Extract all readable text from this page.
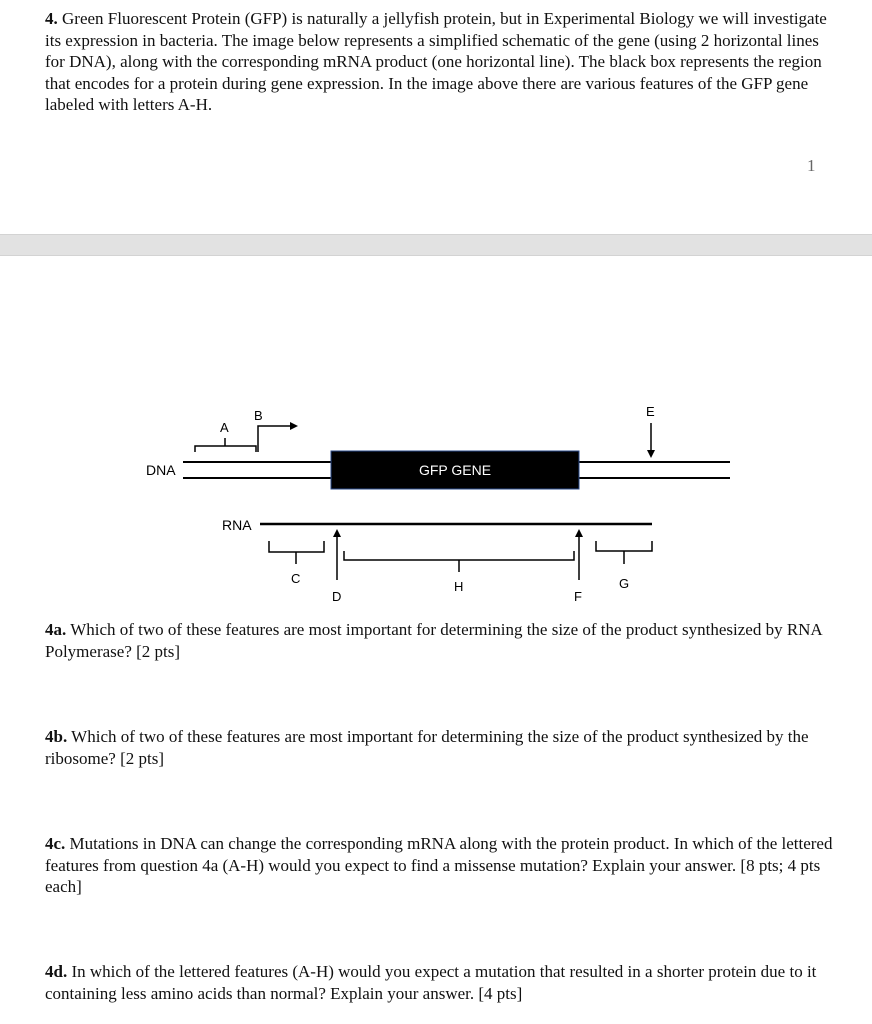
4. Green Fluorescent Protein (GFP) is naturally a jellyfish protein, but in Experimental Biology we will investigate its expression in bacteria. The image below represents a simplified schematic of the gene (using 2 horizontal lines for DNA), along with the corresponding mRNA product (one horizontal line). The black box represents the region that encodes for a protein during gene expression. In the image above there are various features of the GFP gene labeled with letters A-H.

1
GFP GENE
DNA
RNA
A
B	E
C
D
H
F
G

4a. Which of two of these features are most important for determining the size of the product synthesized by RNA Polymerase? [2 pts]

4b. Which of two of these features are most important for determining the size of the product synthesized by the ribosome? [2 pts]

4c. Mutations in DNA can change the corresponding mRNA along with the protein product. In which of the lettered features from question 4a (A-H) would you expect to find a missense mutation? Explain your answer. [8 pts; 4 pts each]

4d. In which of the lettered features (A-H) would you expect a mutation that resulted in a shorter protein due to it containing less amino acids than normal? Explain your answer. [4 pts]
